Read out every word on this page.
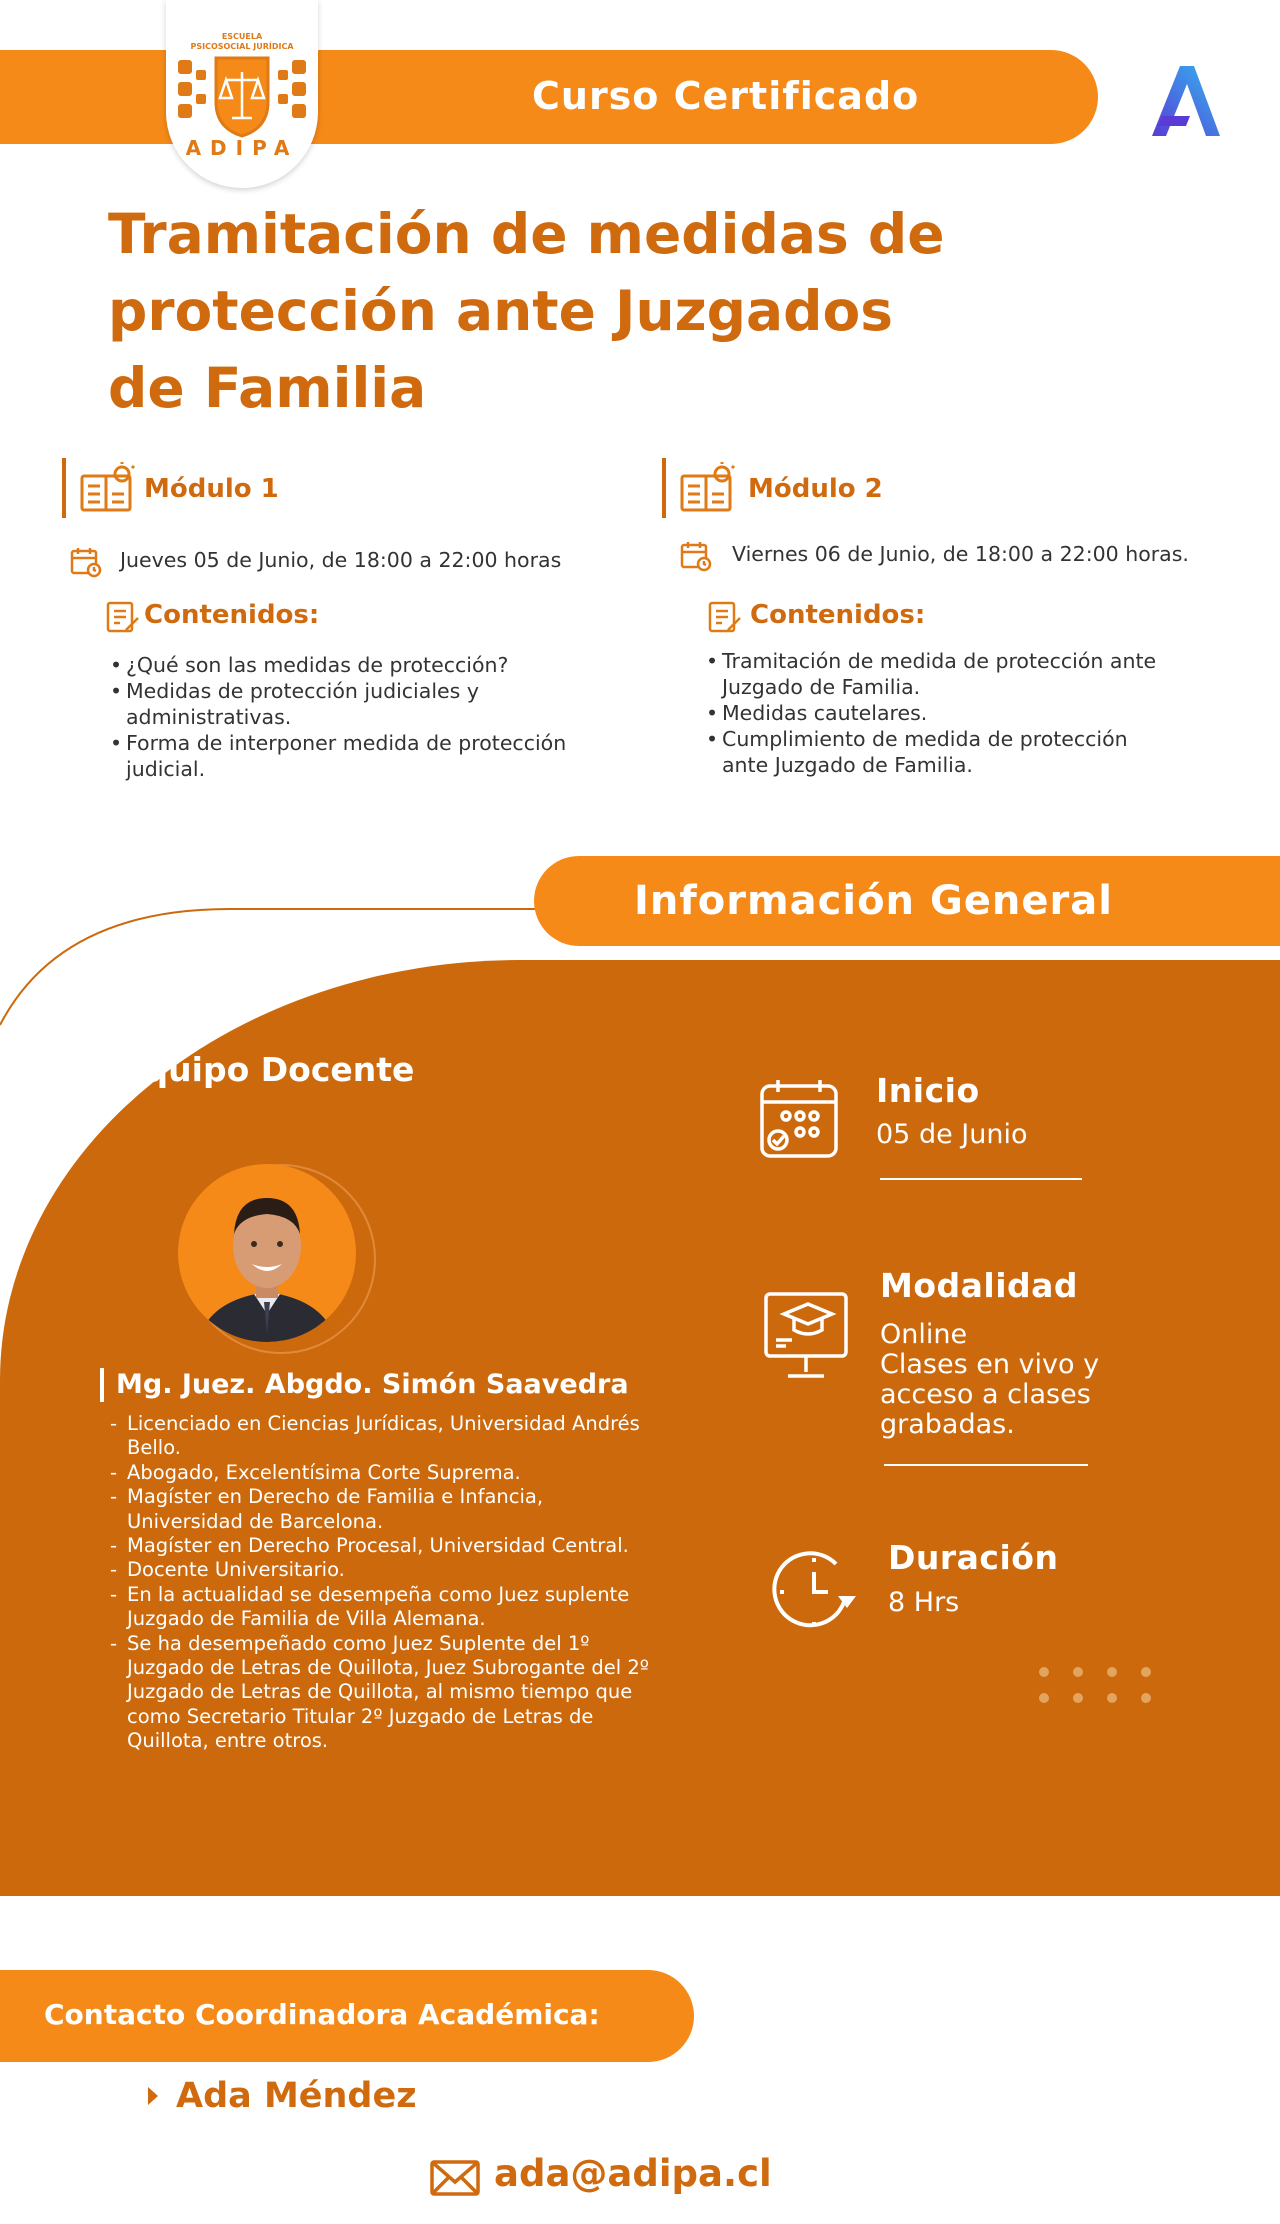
Curso Certificado
ESCUELA
PSICOSOCIAL JURÍDICA
ADIPA
Tramitación de medidas de
protección ante Juzgados
de Familia
Módulo 1
Jueves 05 de Junio, de 18:00 a 22:00 horas
Contenidos:
• ¿Qué son las medidas de protección?
• Medidas de protección judiciales y administrativas.
• Forma de interponer medida de protección judicial.
Módulo 2
Viernes 06 de Junio, de 18:00 a 22:00 horas.
Contenidos:
• Tramitación de medida de protección ante Juzgado de Familia.
• Medidas cautelares.
• Cumplimiento de medida de protección ante Juzgado de Familia.
Información General
Equipo Docente
Mg. Juez. Abgdo. Simón Saavedra
- Licenciado en Ciencias Jurídicas, Universidad Andrés Bello.
- Abogado, Excelentísima Corte Suprema.
- Magíster en Derecho de Familia e Infancia, Universidad de Barcelona.
- Magíster en Derecho Procesal, Universidad Central.
- Docente Universitario.
- En la actualidad se desempeña como Juez suplente Juzgado de Familia de Villa Alemana.
- Se ha desempeñado como Juez Suplente del 1º Juzgado de Letras de Quillota, Juez Subrogante del 2º Juzgado de Letras de Quillota, al mismo tiempo que como Secretario Titular 2º Juzgado de Letras de Quillota, entre otros.
Inicio
05 de Junio
Modalidad
Online
Clases en vivo y acceso a clases grabadas.
Duración
8 Hrs
Contacto Coordinadora Académica:
Ada Méndez
ada@adipa.cl
